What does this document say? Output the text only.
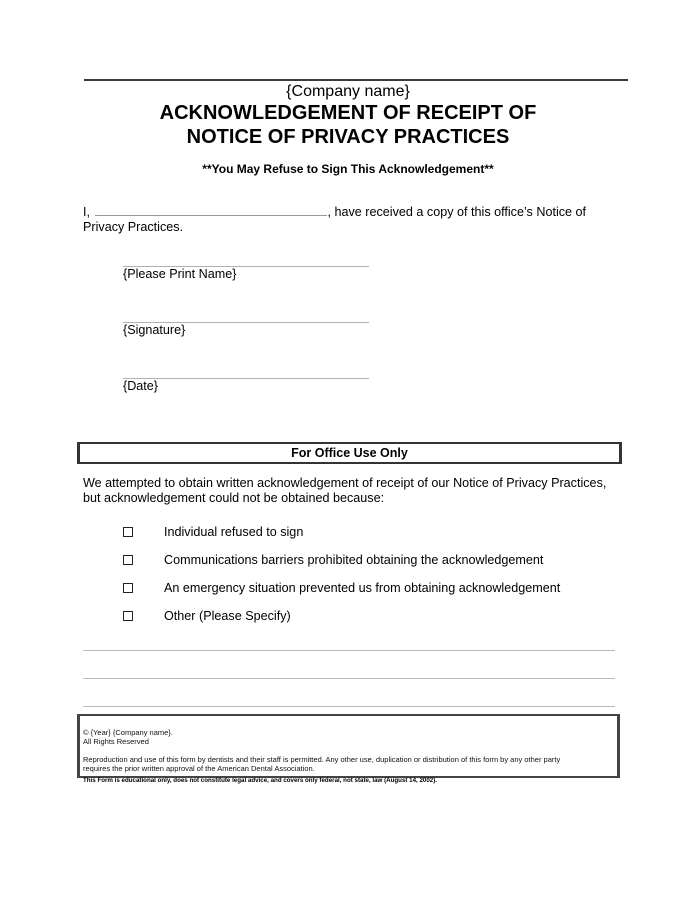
{Company name}
ACKNOWLEDGEMENT OF RECEIPT OF
NOTICE OF PRIVACY PRACTICES
**You May Refuse to Sign This Acknowledgement**
I,	, have received a copy of this office’s Notice of
Privacy Practices.
{Please Print Name}
{Signature}
{Date}
For Office Use Only
We attempted to obtain written acknowledgement of receipt of our Notice of Privacy Practices,
but acknowledgement could not be obtained because:
Individual refused to sign
Communications barriers prohibited obtaining the acknowledgement
An emergency situation prevented us from obtaining acknowledgement
Other (Please Specify)
© {Year} {Company name}.
All Rights Reserved
Reproduction and use of this form by dentists and their staff is permitted. Any other use, duplication or distribution of this form by any other party
requires the prior written approval of the American Dental Association.
This Form is educational only, does not constitute legal advice, and covers only federal, not state, law (August 14, 2002).
